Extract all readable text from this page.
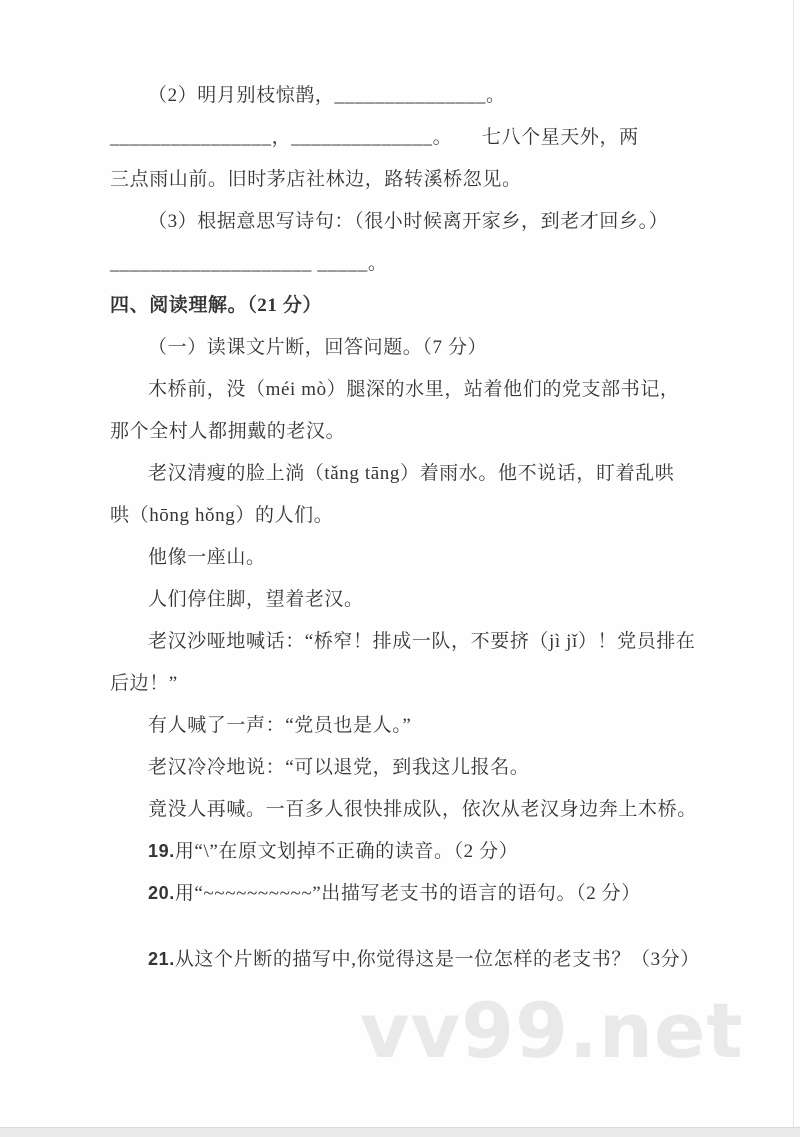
vv99.net

（2）明月别枝惊鹊，_______________。

________________，______________。　　七八个星天外，两

三点雨山前。旧时茅店社林边，路转溪桥忽见。

（3）根据意思写诗句：（很小时候离开家乡，到老才回乡。）

____________________ _____。

四、阅读理解。（21 分）

（一）读课文片断，回答问题。（7 分）

木桥前，没（méi mò）腿深的水里，站着他们的党支部书记，

那个全村人都拥戴的老汉。

老汉清瘦的脸上淌（tǎng tāng）着雨水。他不说话，盯着乱哄

哄（hōng hǒng）的人们。

他像一座山。

人们停住脚，望着老汉。

老汉沙哑地喊话：“桥窄！排成一队，不要挤（jì jǐ）！党员排在

后边！”

有人喊了一声：“党员也是人。”

老汉冷冷地说：“可以退党，到我这儿报名。

竟没人再喊。一百多人很快排成队，依次从老汉身边奔上木桥。

19.用“\”在原文划掉不正确的读音。（2 分）

20.用“~~~~~~~~~~”出描写老支书的语言的语句。（2 分）

21.从这个片断的描写中,你觉得这是一位怎样的老支书？（3分）
